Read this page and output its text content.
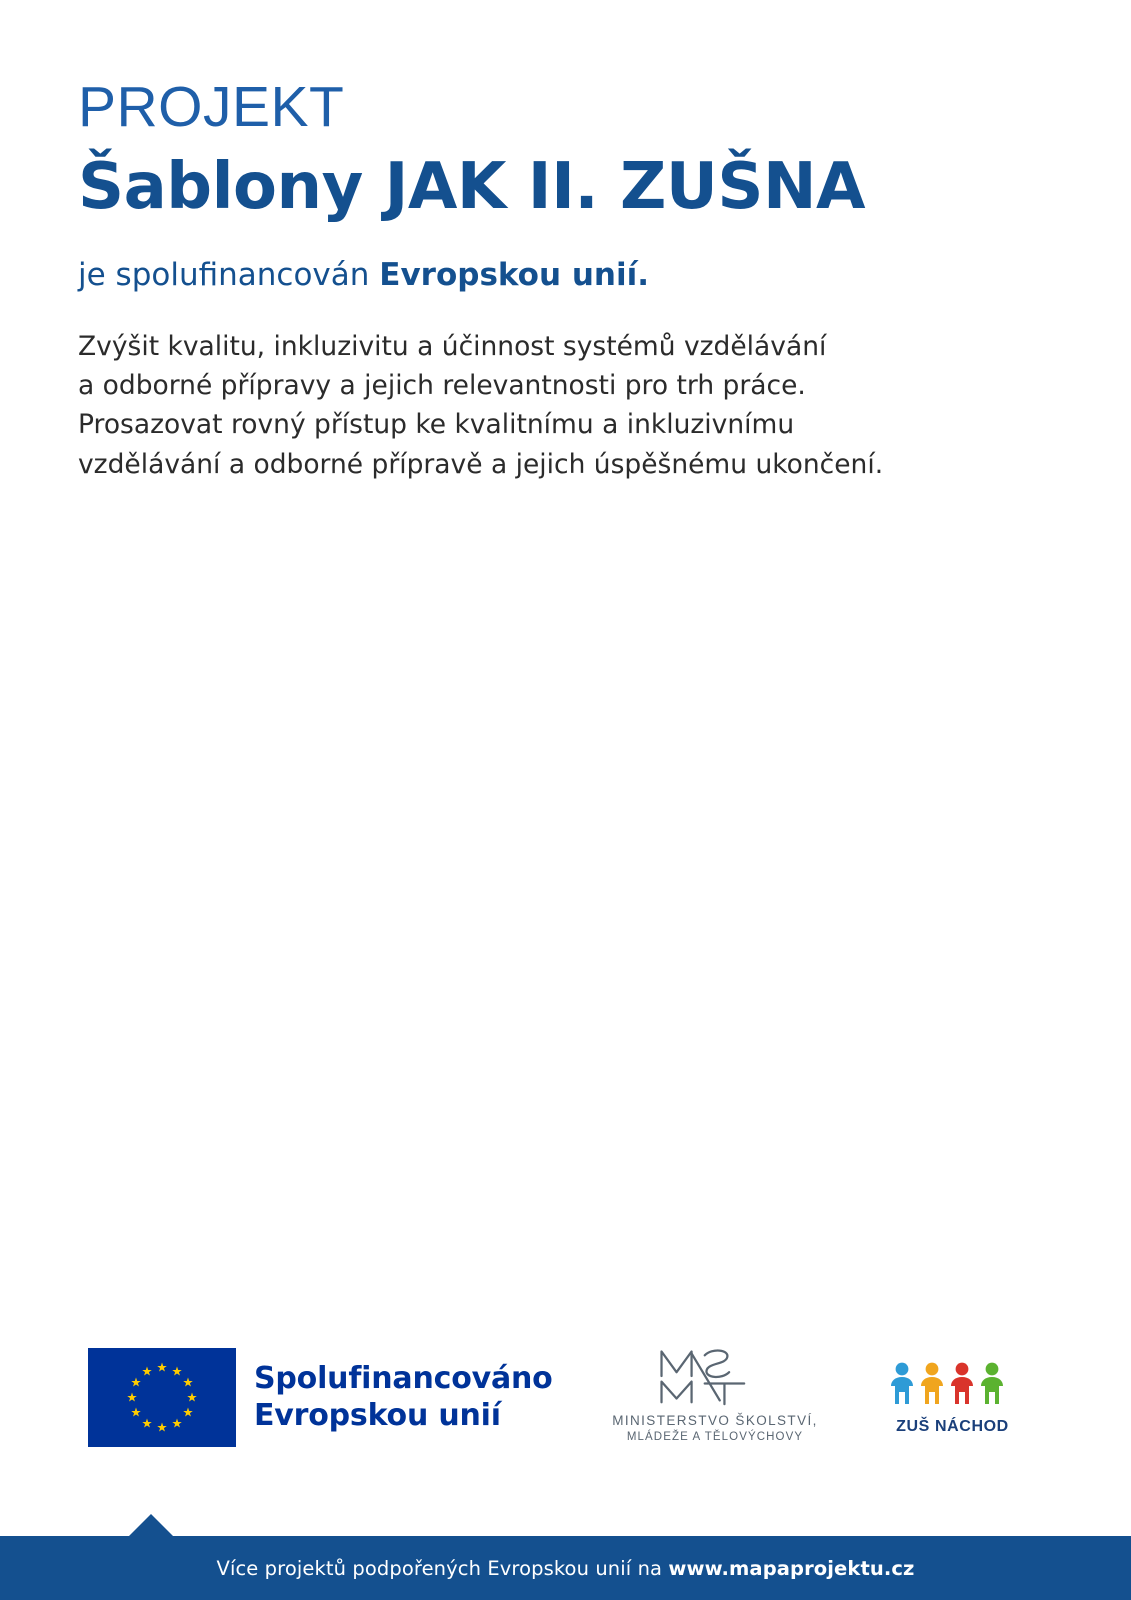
PROJEKT
Šablony JAK II. ZUŠNA
je spolufinancován Evropskou unií.

Zvýšit kvalitu, inkluzivitu a účinnost systémů vzdělávání
a odborné přípravy a jejich relevantnosti pro trh práce.
Prosazovat rovný přístup ke kvalitnímu a inkluzivnímu
vzdělávání a odborné přípravě a jejich úspěšnému ukončení.

Spolufinancováno
Evropskou unií	MINISTERSTVO ŠKOLSTVÍ,
MLÁDEŽE A TĚLOVÝCHOVY
ZUŠ NÁCHOD
Více projektů podpořených Evropskou unií na www.mapaprojektu.cz
